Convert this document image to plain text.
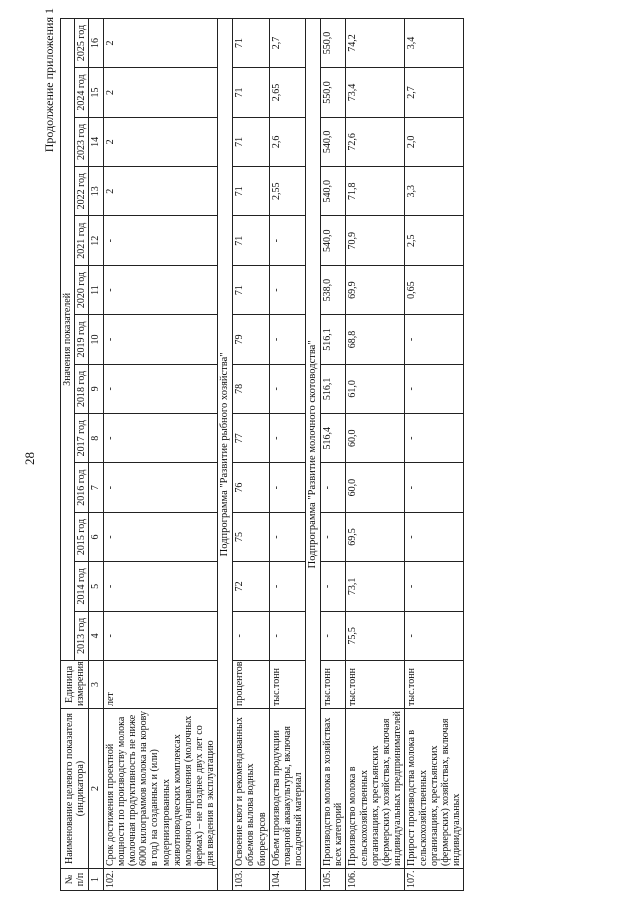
28
Продолжение приложения 1
№ п/п	Наименование целевого показателя (индикатора)	Единица измерения	Значения показателей												
			2013 год	2014 год	2015 год	2016 год	2017 год	2018 год	2019 год	2020 год	2021 год	2022 год	2023 год	2024 год	2025 год
1	2	3	4	5	6	7	8	9	10	11	12	13	14	15	16
102.	Срок достижения проектной мощности по производству молока (молочная продуктивность не ниже 6000 килограммов молока на корову в год) на созданных и (или) модернизированных животноводческих комплексах молочного направления (молочных фермах) – не позднее двух лет со дня введения в эксплуатацию	лет	-	-	-	-	-	-	-	-	-	2	2	2	2
Подпрограмма "Развитие рыбного хозяйства"															
103.	Освоение квот и рекомендованных объемов вылова водных биоресурсов	процентов	-	72	75	76	77	78	79	71	71	71	71	71	71
104.	Объем производства продукции товарной аквакультуры, включая посадочный материал	тыс.тонн	-	-	-	-	-	-	-	-	-	2,55	2,6	2,65	2,7
Подпрограмма "Развитие молочного скотоводства"															
105.	Производство молока в хозяйствах всех категорий	тыс.тонн	-	-	-	-	516,4	516,1	516,1	538,0	540,0	540,0	540,0	550,0	550,0
106.	Производство молока в сельскохозяйственных организациях, крестьянских (фермерских) хозяйствах, включая индивидуальных предпринимателей	тыс.тонн	75,5	73,1	69,5	60,0	60,0	61,0	68,8	69,9	70,9	71,8	72,6	73,4	74,2
107.	Прирост производства молока в сельскохозяйственных организациях, крестьянских (фермерских) хозяйствах, включая индивидуальных	тыс.тонн	-	-	-	-	-	-	-	0,65	2,5	3,3	2,0	2,7	3,4
